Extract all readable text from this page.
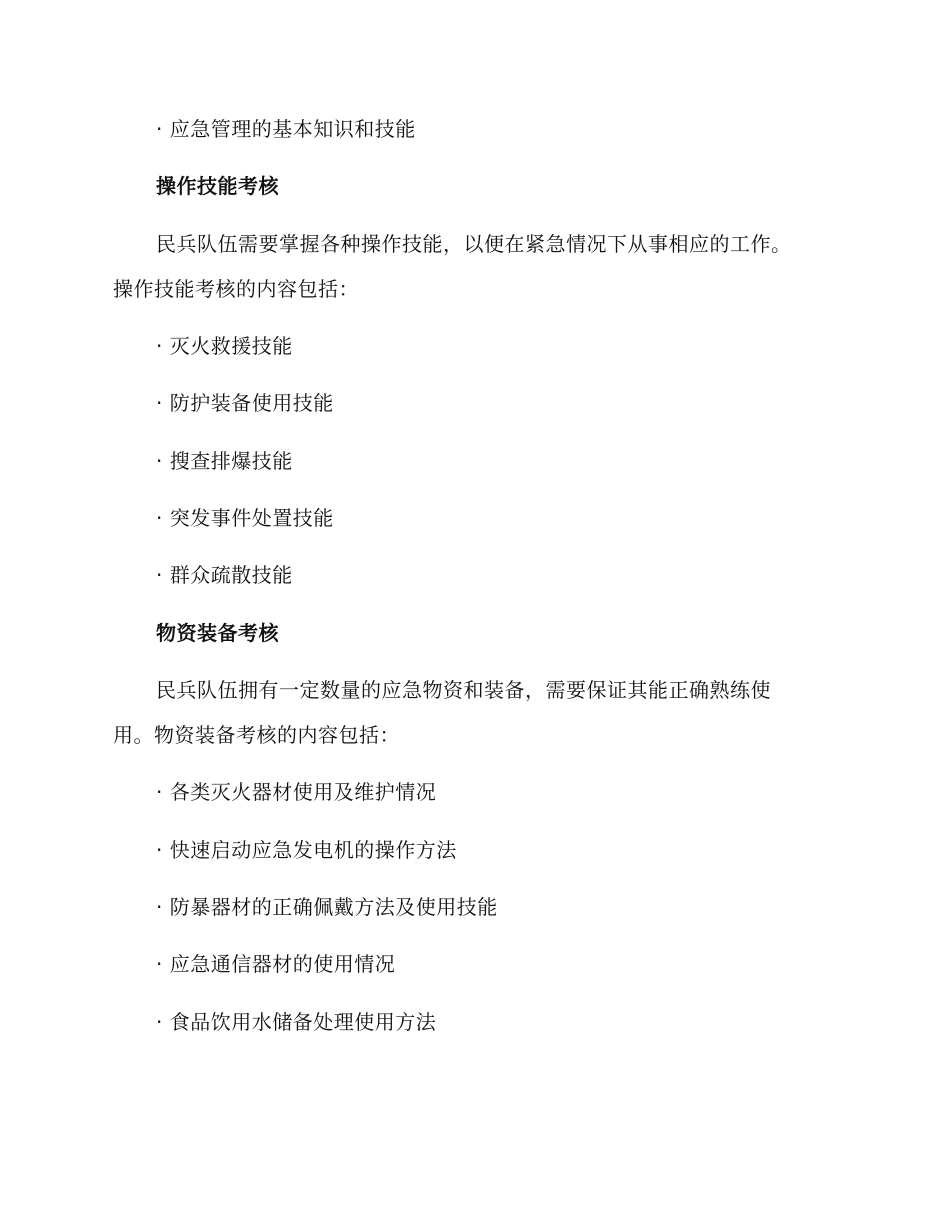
· 应急管理的基本知识和技能
操作技能考核
民兵队伍需要掌握各种操作技能，以便在紧急情况下从事相应的工作。
操作技能考核的内容包括：
· 灭火救援技能
· 防护装备使用技能
· 搜查排爆技能
· 突发事件处置技能
· 群众疏散技能
物资装备考核
民兵队伍拥有一定数量的应急物资和装备，需要保证其能正确熟练使
用。物资装备考核的内容包括：
· 各类灭火器材使用及维护情况
· 快速启动应急发电机的操作方法
· 防暴器材的正确佩戴方法及使用技能
· 应急通信器材的使用情况
· 食品饮用水储备处理使用方法
